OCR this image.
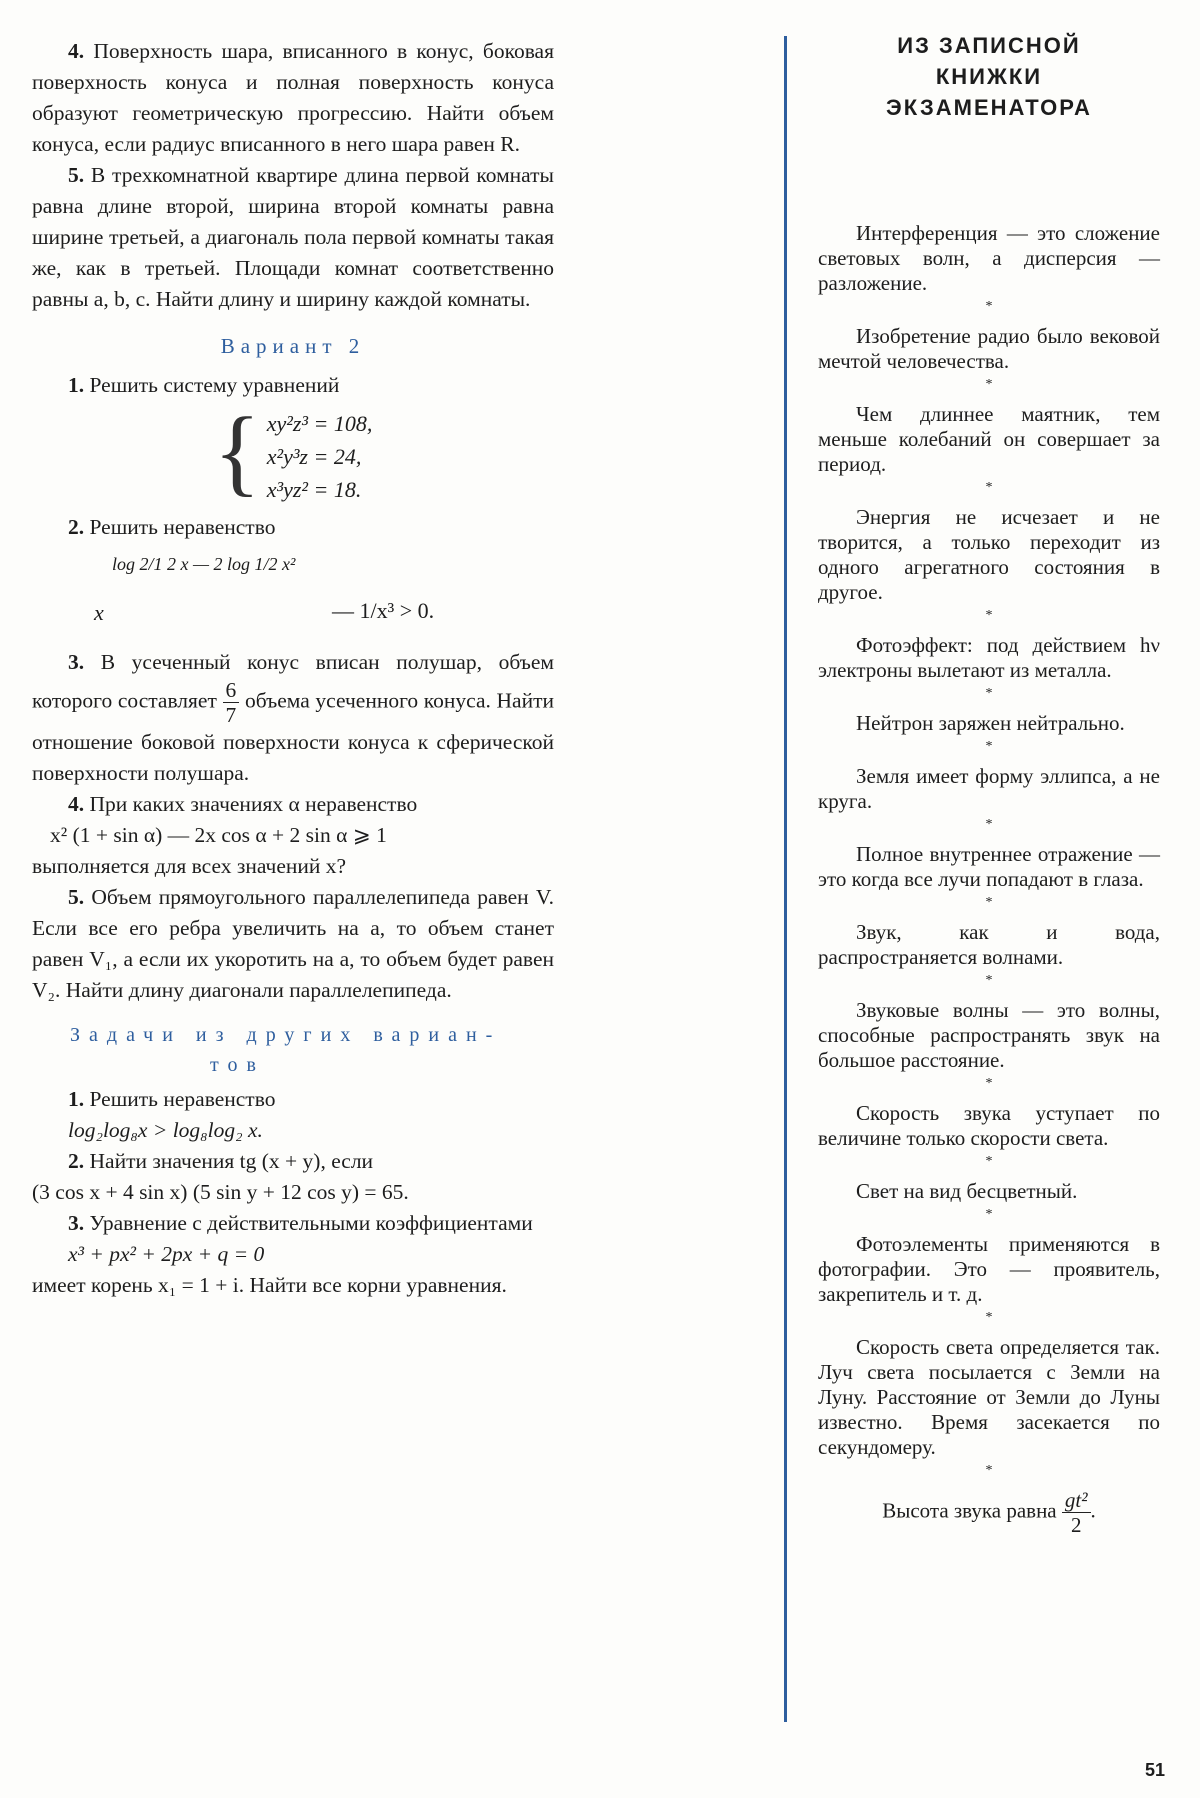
4. Поверхность шара, вписанного в конус, боковая поверхность конуса и полная поверхность конуса образуют геометрическую прогрессию. Найти объем конуса, если радиус вписанного в него шара равен R.

5. В трехкомнатной квартире длина первой комнаты равна длине второй, ширина второй комнаты равна ширине третьей, а диагональ пола первой комнаты такая же, как в третьей. Площади комнат соответственно равны a, b, c. Найти длину и ширину каждой комнаты.

Вариант 2

1. Решить систему уравнений

{ xy²z³ = 108,
x²y³z = 24,
x³yz² = 18.

2. Решить неравенство

log 2/1 2 x — 2 log 1/2 x²
x	— 1/x³ > 0.

3. В усеченный конус вписан полушар, объем которого составляет $\frac{6}{7}$ объема усеченного конуса. Найти отношение боковой поверхности конуса к сферической поверхности полушара.

4. При каких значениях α неравенство

x² (1 + sin α) — 2x cos α + 2 sin α ⩾ 1

выполняется для всех значений x?

5. Объем прямоугольного параллелепипеда равен V. Если все его ребра увеличить на a, то объем станет равен V₁, а если их укоротить на a, то объем будет равен V₂. Найти длину диагонали параллелепипеда.

Задачи из других вариан-
тов

1. Решить неравенство

log₂log₈x > log₈log₂ x.

2. Найти значения tg (x + y), если

(3 cos x + 4 sin x) (5 sin y + 12 cos y) = 65.

3. Уравнение с действительными коэффициентами

x³ + px² + 2px + q = 0

имеет корень x₁ = 1 + i. Найти все корни уравнения.

ИЗ ЗАПИСНОЙ
КНИЖКИ
ЭКЗАМЕНАТОРА

Интерференция — это сложение световых волн, а дисперсия — разложение.

*

Изобретение радио было вековой мечтой человечества.

*

Чем длиннее маятник, тем меньше колебаний он совершает за период.

*

Энергия не исчезает и не творится, а только переходит из одного агрегатного состояния в другое.

*

Фотоэффект: под действием hν электроны вылетают из металла.

*

Нейтрон заряжен нейтрально.

*

Земля имеет форму эллипса, а не круга.

*

Полное внутреннее отражение — это когда все лучи попадают в глаза.

*

Звук, как и вода, распространяется волнами.

*

Звуковые волны — это волны, способные распространять звук на большое расстояние.

*

Скорость звука уступает по величине только скорости света.

*

Свет на вид бесцветный.

*

Фотоэлементы применяются в фотографии. Это — проявитель, закрепитель и т. д.

*

Скорость света определяется так. Луч света посылается с Земли на Луну. Расстояние от Земли до Луны известно. Время засекается по секундомеру.

*
Высота звука равна $\frac{\text{gt²}}{2}$ .
51
